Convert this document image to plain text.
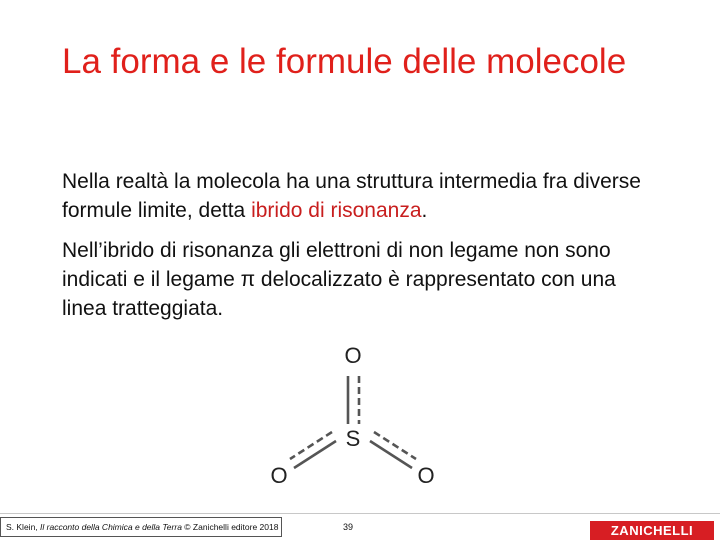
La forma e le formule delle molecole

Nella realtà la molecola ha una struttura intermedia fra diverse formule limite, detta ibrido di risonanza.

Nell’ibrido di risonanza gli elettroni di non legame non sono indicati e il legame π delocalizzato è rappresentato con una linea tratteggiata.

O
S
O	O
S. Klein, Il racconto della Chimica e della Terra © Zanichelli editore 2018	39	ZANICHELLI
